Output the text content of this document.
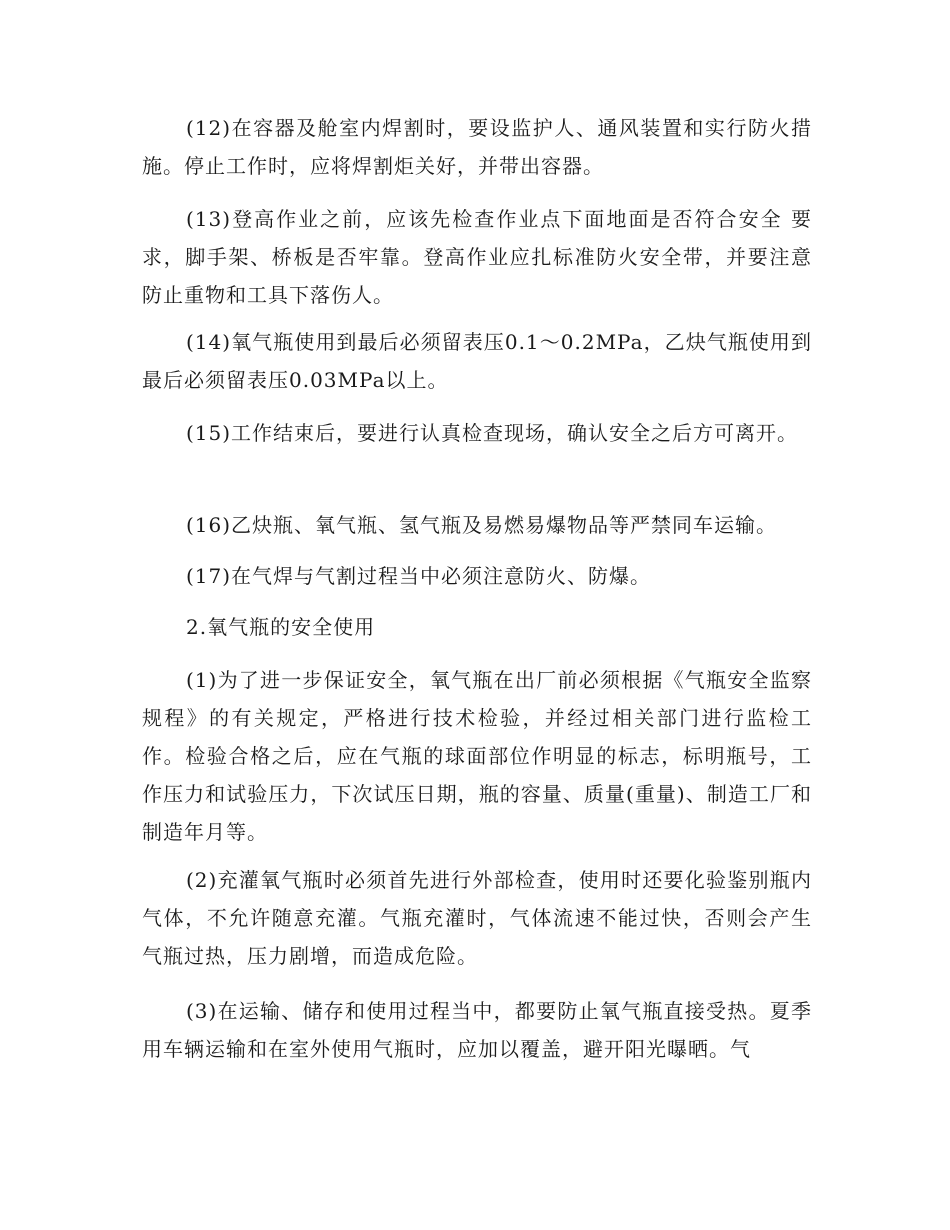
(12)在容器及舱室内焊割时，要设监护人、通风装置和实行防火措施。停止工作时，应将焊割炬关好，并带出容器。

(13)登高作业之前，应该先检查作业点下面地面是否符合安全 要求，脚手架、桥板是否牢靠。登高作业应扎标准防火安全带，并要注意防止重物和工具下落伤人。

(14)氧气瓶使用到最后必须留表压0.1～0.2MPa，乙炔气瓶使用到最后必须留表压0.03MPa以上。

(15)工作结束后，要进行认真检查现场，确认安全之后方可离开。

(16)乙炔瓶、氧气瓶、氢气瓶及易燃易爆物品等严禁同车运输。

(17)在气焊与气割过程当中必须注意防火、防爆。

2.氧气瓶的安全使用

(1)为了进一步保证安全，氧气瓶在出厂前必须根据《气瓶安全监察规程》的有关规定，严格进行技术检验，并经过相关部门进行监检工作。检验合格之后，应在气瓶的球面部位作明显的标志，标明瓶号，工作压力和试验压力，下次试压日期，瓶的容量、质量(重量)、制造工厂和制造年月等。

(2)充灌氧气瓶时必须首先进行外部检查，使用时还要化验鉴别瓶内气体，不允许随意充灌。气瓶充灌时，气体流速不能过快，否则会产生气瓶过热，压力剧增，而造成危险。

(3)在运输、储存和使用过程当中，都要防止氧气瓶直接受热。夏季用车辆运输和在室外使用气瓶时，应加以覆盖，避开阳光曝晒。气
